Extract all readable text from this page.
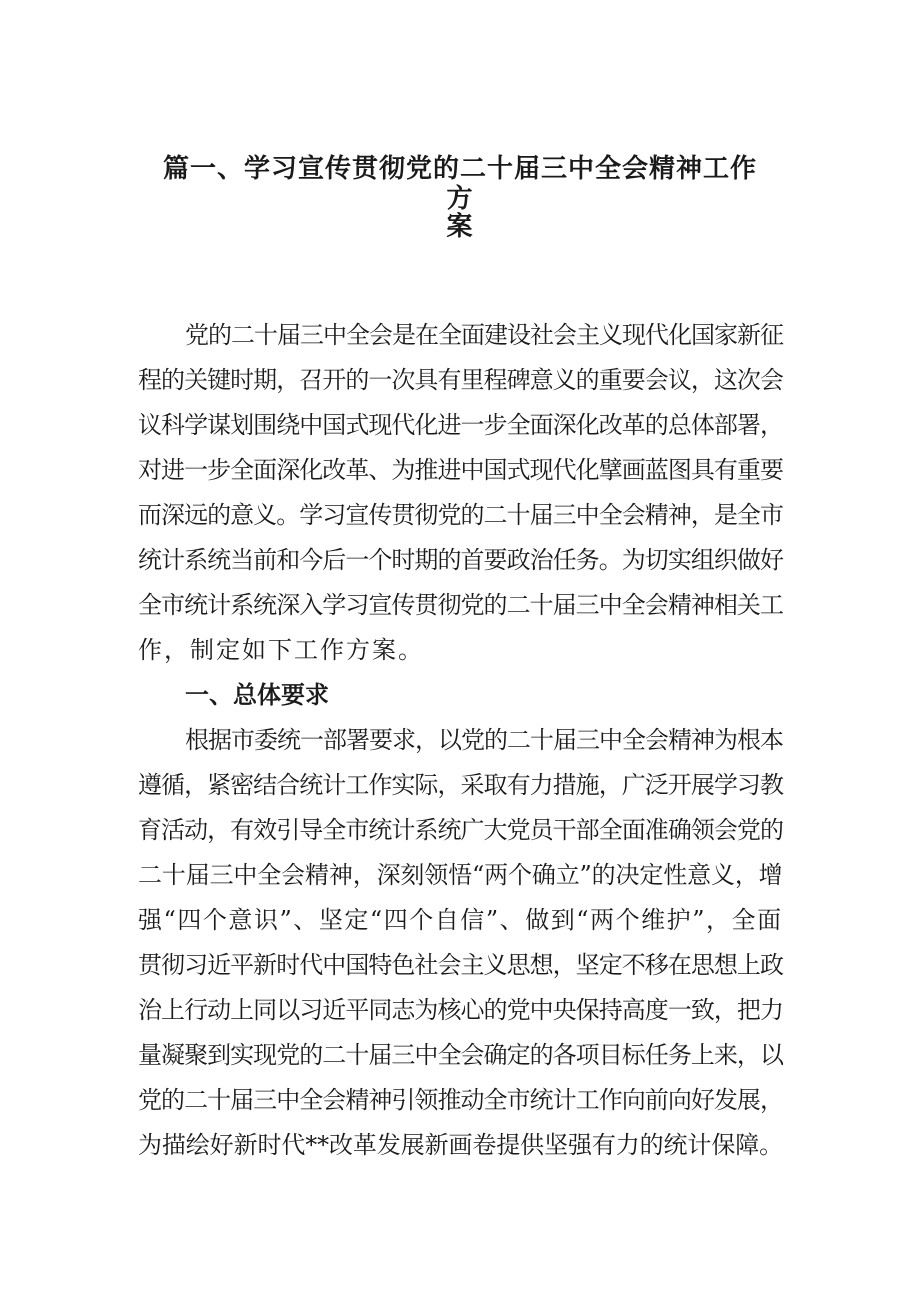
篇一、学习宣传贯彻党的二十届三中全会精神工作方
案

党的二十届三中全会是在全面建设社会主义现代化国家新征

程的关键时期，召开的一次具有里程碑意义的重要会议，这次会

议科学谋划围绕中国式现代化进一步全面深化改革的总体部署，

对进一步全面深化改革、为推进中国式现代化擘画蓝图具有重要

而深远的意义。学习宣传贯彻党的二十届三中全会精神，是全市

统计系统当前和今后一个时期的首要政治任务。为切实组织做好

全市统计系统深入学习宣传贯彻党的二十届三中全会精神相关工

作，制定如下工作方案。

一、总体要求

根据市委统一部署要求，以党的二十届三中全会精神为根本

遵循，紧密结合统计工作实际，采取有力措施，广泛开展学习教

育活动，有效引导全市统计系统广大党员干部全面准确领会党的

二十届三中全会精神，深刻领悟“两个确立”的决定性意义，增

强“四个意识”、坚定“四个自信”、做到“两个维护”，全面

贯彻习近平新时代中国特色社会主义思想，坚定不移在思想上政

治上行动上同以习近平同志为核心的党中央保持高度一致，把力

量凝聚到实现党的二十届三中全会确定的各项目标任务上来，以

党的二十届三中全会精神引领推动全市统计工作向前向好发展，

为描绘好新时代**改革发展新画卷提供坚强有力的统计保障。
